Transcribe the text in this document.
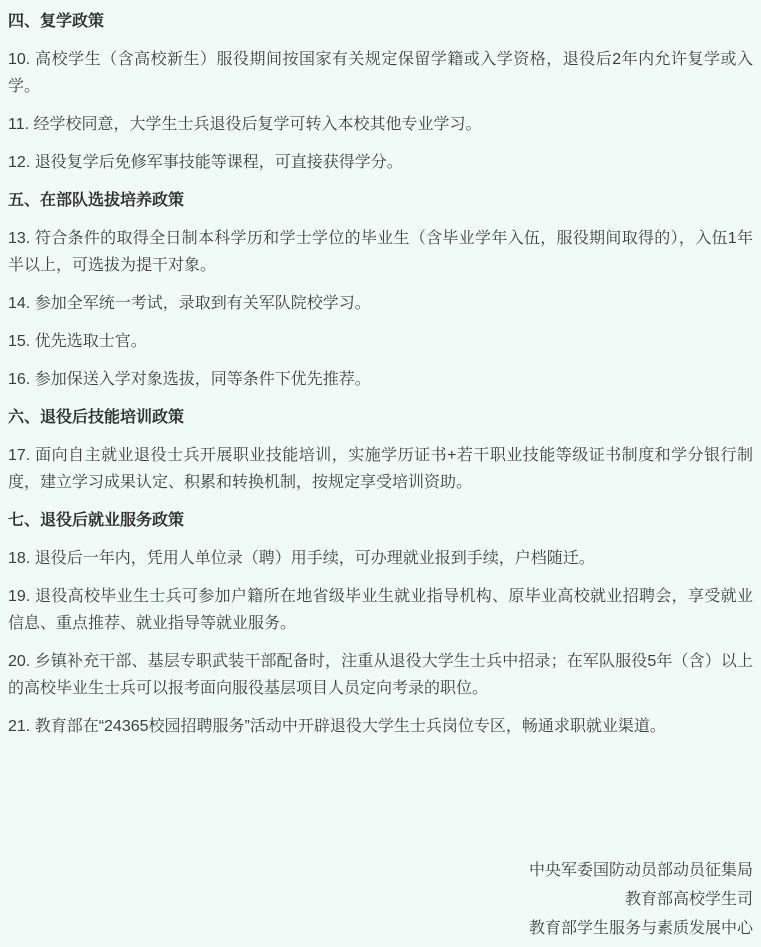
四、复学政策

10. 高校学生（含高校新生）服役期间按国家有关规定保留学籍或入学资格，退役后2年内允许复学或入学。

11. 经学校同意，大学生士兵退役后复学可转入本校其他专业学习。

12. 退役复学后免修军事技能等课程，可直接获得学分。

五、在部队选拔培养政策

13. 符合条件的取得全日制本科学历和学士学位的毕业生（含毕业学年入伍，服役期间取得的），入伍1年半以上，可选拔为提干对象。

14. 参加全军统一考试，录取到有关军队院校学习。

15. 优先选取士官。

16. 参加保送入学对象选拔，同等条件下优先推荐。

六、退役后技能培训政策

17. 面向自主就业退役士兵开展职业技能培训，实施学历证书+若干职业技能等级证书制度和学分银行制度，建立学习成果认定、积累和转换机制，按规定享受培训资助。

七、退役后就业服务政策

18. 退役后一年内，凭用人单位录（聘）用手续，可办理就业报到手续，户档随迁。

19. 退役高校毕业生士兵可参加户籍所在地省级毕业生就业指导机构、原毕业高校就业招聘会，享受就业信息、重点推荐、就业指导等就业服务。

20. 乡镇补充干部、基层专职武装干部配备时，注重从退役大学生士兵中招录；在军队服役5年（含）以上的高校毕业生士兵可以报考面向服役基层项目人员定向考录的职位。

21. 教育部在“24365校园招聘服务”活动中开辟退役大学生士兵岗位专区，畅通求职就业渠道。

中央军委国防动员部动员征集局

教育部高校学生司

教育部学生服务与素质发展中心
